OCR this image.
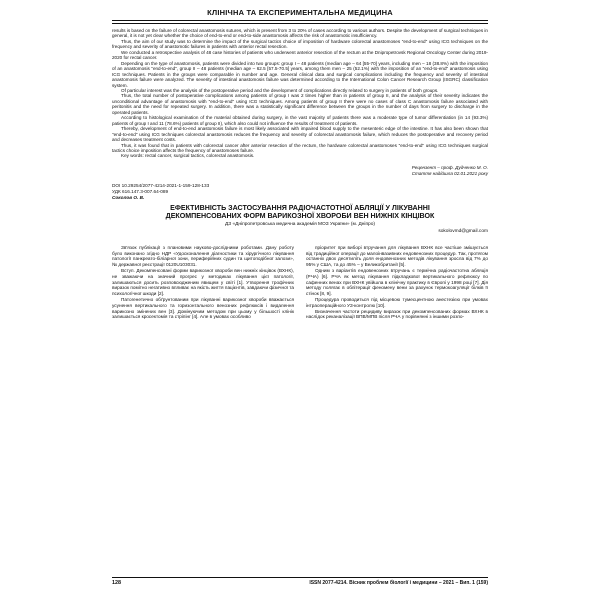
КЛІНІЧНА ТА ЕКСПЕРИМЕНТАЛЬНА МЕДИЦИНА

results is based on the failure of colorectal anastomosis sutures, which is present from 3 to 20% of cases according to various authors. Despite the development of surgical techniques in general, it is not yet clear whether the choice of end-to-end or end-to-side anastomosis affects the risk of anastomotic insufficiency.

Thus, the aim of our study was to determine the impact of the surgical tactics choice of imposition of hardware colorectal anastomoses "end-to-end" using ICG techniques on the frequency and severity of anastomotic failures in patients with anterior rectal resection.

We conducted a retrospective analysis of 48 case histories of patients who underwent anterior resection of the rectum at the Dnipropetrovsk Regional Oncology Center during 2019-2020 for rectal cancer.

Depending on the type of anastomosis, patients were divided into two groups: group I – 48 patients (median age – 64 [55-70] years, including men – 18 (38.8%) with the imposition of an anastomosis "end-to-end", group II – 48 patients (median age – 62.5 [57.5-70.5] years, among them men – 25 (52.1%) with the imposition of an "end-to-end" anastomosis using ICG techniques. Patients in the groups were comparable in number and age. General clinical data and surgical complications including the frequency and severity of intestinal anastomosis failure were analyzed. The severity of intestinal anastomosis failure was determined according to the International Colon Cancer Research Group (ISGRC) classification system.

Of particular interest was the analysis of the postoperative period and the development of complications directly related to surgery in patients of both groups.

Thus, the total number of postoperative complications among patients of group I was 2 times higher than in patients of group II, and the analysis of their severity indicates the unconditional advantage of anastomosis with "end-to-end" using ICG techniques. Among patients of group II there were no cases of class C anastomosis failure associated with peritonitis and the need for repeated surgery. In addition, there was a statistically significant difference between the groups in the number of days from surgery to discharge in the operated patients.

According to histological examination of the material obtained during surgery, in the vast majority of patients there was a moderate type of tumor differentiation (in 14 (93.3%) patients of group I and 11 (78.6%) patients of group II), which also could not influence the results of treatment of patients.

Thereby, development of end-to-end anastomosis failure is most likely associated with impaired blood supply to the mesenteric edge of the intestine. It has also been shown that "end-to-end" using ICG techniques colorectal anastomosis reduces the frequency and severity of colorectal anastomosis failure, which reduces the postoperative and recovery period and decreases treatment costs.

Thus, it was found that in patients with colorectal cancer after anterior resection of the rectum, the hardware colorectal anastomoses "end-to-end" using ICG techniques surgical tactics choice imposition affects the frequency of anastomoses failure.

Key words: rectal cancer, surgical tactics, colorectal anastomosis.

Рецензент – проф. Дудченко М. О.
Стаття надійшла 02.01.2021 року
DOI 10.29254/2077-4214-2021-1-159-128-133
УДК 616.147.3-007.64-089
Соколов О. В.
ЕФЕКТИВНІСТЬ ЗАСТОСУВАННЯ РАДІОЧАСТОТНОЇ АБЛЯЦІЇ У ЛІКУВАННІ
ДЕКОМПЕНСОВАНИХ ФОРМ ВАРИКОЗНОЇ ХВОРОБИ ВЕН НИЖНІХ КІНЦІВОК
ДЗ «Дніпропетровська медична академія МОЗ України» (м. Дніпро)
sokolovmd@gmail.com

Зв'язок публікації з плановими науково-дослідними роботами. Дану роботу було виконано згідно НДР «Удосконалення діагностики та хірургічного лікування патології панкреато-біліарної зони, периферійних судин та щитоподібної залози», № державної реєстрації 0120U103031.

Вступ. Декомпенсовані форми варикозної хвороби вен нижніх кінцівок (ВХНК), не зважаючи на значний прогрес у методиках лікування цієї патології, залишаються досить розповсюдженим явищем у світі [1]. Утворення трофічних виразок помітно негативно впливає на якість життя пацієнтів, завдаючи фізичної та психологічної шкоди [2].

Патогенетично обґрунтованим при лікуванні варикозної хвороби вважається усунення вертикального та горизонтального венозних рефлюксів і видалення варикозно змінених вен [3]. Домінуючим методом при цьому у більшості клінік залишається кросектомія та стріпінг [4]. Але в умовах особливо

пріоритет при виборі втручання для лікування ВХНК все частіше змішується від традиційної операції до малоінвазивних ендовенозних процедур. Так, протягом останніх двох десятиліть доля ендовенозних методів лікування зросла від 7% до 95% у США, та до 45% – у Великобританії [5].

Одним з варіантів ендовенозних втручань є термічна радіочастотна абляція (РЧА) [6]. РЧА як метод лікування підкладкової вертикального рефлюксу по сафенних венах при ВХНК увійшла в клінічну практику в Європі у 1998 році [7]. Дія методу полягає в облітерації феномену вени за рахунок термокоагуляції білків її стінок [8, 9].

Процедура проводиться під місцевою тумесцентною анестезією при умовах інтраопераційного УЗ-контролю [10].

Визначення частоти рецидиву виразок при декомпенсованих формах ВХНК в наслідок реканалізації ВПВ/МПВ після РЧА у порівнянні з іншими розпо-

128	ISSN 2077-4214. Вісник проблем біології і медицини – 2021 – Вип. 1 (159)
